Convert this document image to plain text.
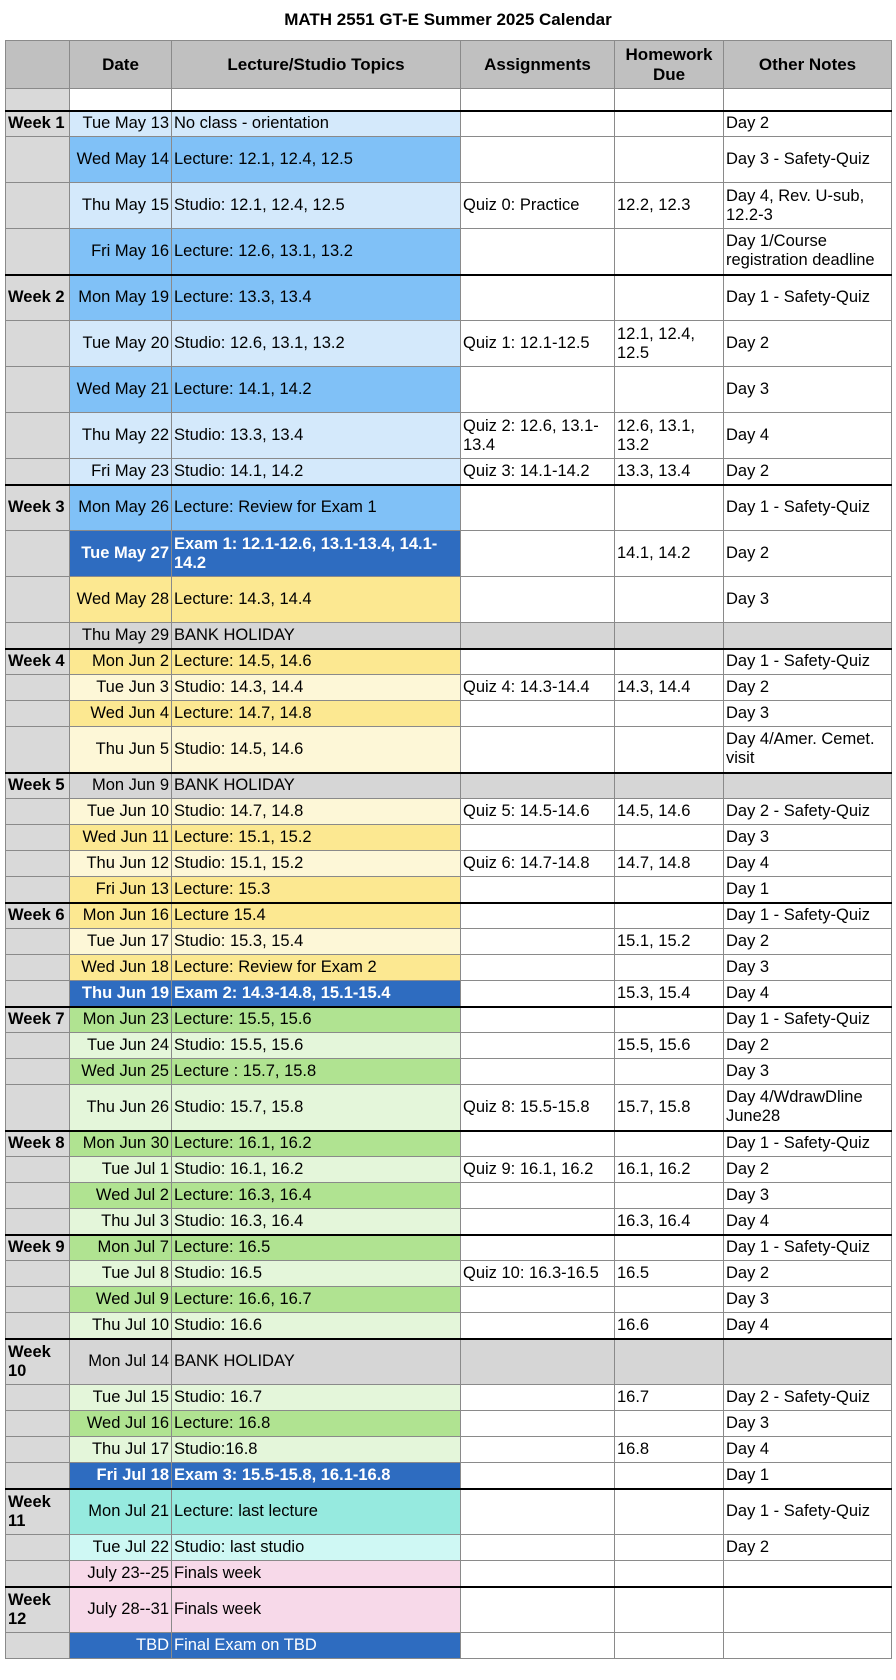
MATH 2551 GT-E Summer 2025 Calendar
	Date	Lecture/Studio Topics	Assignments	Homework Due	Other Notes

Week 1	Tue May 13	No class - orientation			Day 2
	Wed May 14	Lecture: 12.1, 12.4, 12.5			Day 3 - Safety-Quiz
	Thu May 15	Studio: 12.1, 12.4, 12.5	Quiz 0: Practice	12.2, 12.3	Day 4, Rev. U-sub, 12.2-3
	Fri May 16	Lecture: 12.6, 13.1, 13.2			Day 1/Course registration deadline
Week 2	Mon May 19	Lecture: 13.3, 13.4			Day 1 - Safety-Quiz
	Tue May 20	Studio: 12.6, 13.1, 13.2	Quiz 1: 12.1-12.5	12.1, 12.4, 12.5	Day 2
	Wed May 21	Lecture: 14.1, 14.2			Day 3
	Thu May 22	Studio: 13.3, 13.4	Quiz 2: 12.6, 13.1-13.4	12.6, 13.1, 13.2	Day 4
	Fri May 23	Studio: 14.1, 14.2	Quiz 3: 14.1-14.2	13.3, 13.4	Day 2
Week 3	Mon May 26	Lecture: Review for Exam 1			Day 1 - Safety-Quiz
	Tue May 27	Exam 1: 12.1-12.6, 13.1-13.4, 14.1-14.2		14.1, 14.2	Day 2
	Wed May 28	Lecture: 14.3, 14.4			Day 3
	Thu May 29	BANK HOLIDAY			
Week 4	Mon Jun 2	Lecture: 14.5, 14.6			Day 1 - Safety-Quiz
	Tue Jun 3	Studio: 14.3, 14.4	Quiz 4: 14.3-14.4	14.3, 14.4	Day 2
	Wed Jun 4	Lecture: 14.7, 14.8			Day 3
	Thu Jun 5	Studio: 14.5, 14.6			Day 4/Amer. Cemet. visit
Week 5	Mon Jun 9	BANK HOLIDAY			
	Tue Jun 10	Studio: 14.7, 14.8	Quiz 5: 14.5-14.6	14.5, 14.6	Day 2 - Safety-Quiz
	Wed Jun 11	Lecture: 15.1, 15.2			Day 3
	Thu Jun 12	Studio: 15.1, 15.2	Quiz 6: 14.7-14.8	14.7, 14.8	Day 4
	Fri Jun 13	Lecture: 15.3			Day 1
Week 6	Mon Jun 16	Lecture 15.4			Day 1 - Safety-Quiz
	Tue Jun 17	Studio: 15.3, 15.4		15.1, 15.2	Day 2
	Wed Jun 18	Lecture: Review for Exam 2			Day 3
	Thu Jun 19	Exam 2: 14.3-14.8, 15.1-15.4		15.3, 15.4	Day 4
Week 7	Mon Jun 23	Lecture: 15.5, 15.6			Day 1 - Safety-Quiz
	Tue Jun 24	Studio: 15.5, 15.6		15.5, 15.6	Day 2
	Wed Jun 25	Lecture : 15.7, 15.8			Day 3
	Thu Jun 26	Studio: 15.7, 15.8	Quiz 8: 15.5-15.8	15.7, 15.8	Day 4/WdrawDline June28
Week 8	Mon Jun 30	Lecture: 16.1, 16.2			Day 1 - Safety-Quiz
	Tue Jul 1	Studio: 16.1, 16.2	Quiz 9: 16.1, 16.2	16.1, 16.2	Day 2
	Wed Jul 2	Lecture: 16.3, 16.4			Day 3
	Thu Jul 3	Studio: 16.3, 16.4		16.3, 16.4	Day 4
Week 9	Mon Jul 7	Lecture: 16.5			Day 1 - Safety-Quiz
	Tue Jul 8	Studio: 16.5	Quiz 10: 16.3-16.5	16.5	Day 2
	Wed Jul 9	Lecture: 16.6, 16.7			Day 3
	Thu Jul 10	Studio: 16.6		16.6	Day 4
Week 10	Mon Jul 14	BANK HOLIDAY			
	Tue Jul 15	Studio: 16.7		16.7	Day 2 - Safety-Quiz
	Wed Jul 16	Lecture: 16.8			Day 3
	Thu Jul 17	Studio:16.8		16.8	Day 4
	Fri Jul 18	Exam 3: 15.5-15.8, 16.1-16.8			Day 1
Week 11	Mon Jul 21	Lecture: last lecture			Day 1 - Safety-Quiz
	Tue Jul 22	Studio: last studio			Day 2
	July 23--25	Finals week			
Week 12	July 28--31	Finals week			
	TBD	Final Exam on TBD			
